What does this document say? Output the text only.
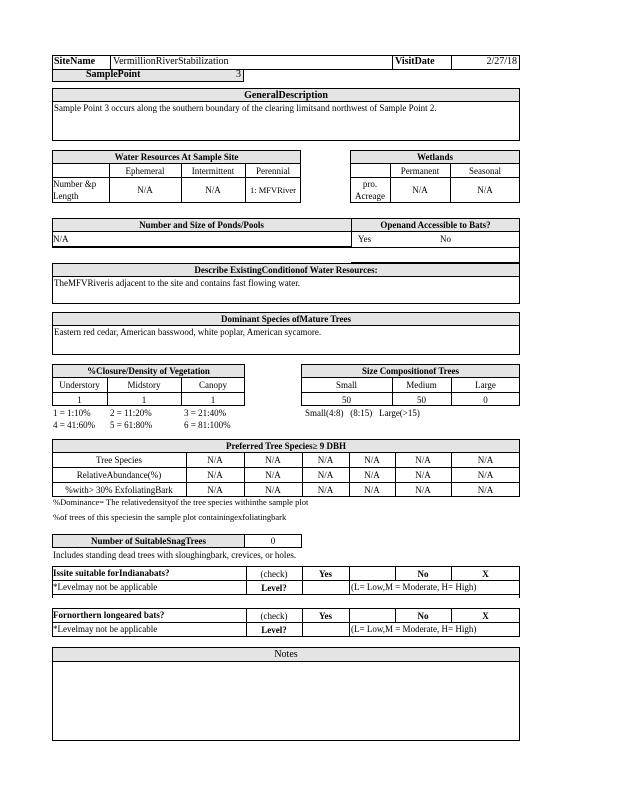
SiteName VermillionRiverStabilization	VisitDate	2/27/18
SamplePoint	3
GeneralDescription
Sample Point 3 occurs along the southern boundary of the clearing limitsand northwest of Sample Point 2.
Water Resources At Sample Site
Ephemeral	Intermittent	Perennial
Number &p
Length
N/A	N/A	1: MFVRiver
Wetlands
Permanent	Seasonal
pro.
Acreage
N/A	N/A
Number and Size of Ponds/Pools	Openand Accessible to Bats?
N/A	Yes	No
Describe ExistingConditionof Water Resources:
TheMFVRiveris adjacent to the site and contains fast flowing water.
Dominant Species ofMature Trees
Eastern red cedar, American basswood, white poplar, American sycamore.
%Closure/Density of Vegetation
Understory	Midstory	Canopy
1	1	1
1 = 1:10% 2 = 11:20%	3 = 21:40%
4 = 41:60% 5 = 61:80%	6 = 81:100%
Size Compositionof Trees
Small	Medium	Large
50	50	0
Small(4:8)   (8:15)   Large(>15)
Preferred Tree Species≥ 9 DBH
Tree Species	N/A	N/A	N/A	N/A	N/A	N/A
RelativeAbundance(%)	N/A	N/A	N/A	N/A	N/A	N/A
%with> 30% ExfoliatingBark	N/A	N/A	N/A	N/A	N/A	N/A
%Dominance= The relativedensityof the tree species withinthe sample plot
%of trees of this speciesin the sample plot containingexfoliatingbark
Number of SuitableSnagTrees	0
Includes standing dead trees with sloughingbark, crevices, or holes.
Issite suitable forIndianabats?	(check)	Yes	No	X
*Levelmay not be applicable	Level?	(L= Low,M = Moderate, H= High)
Fornorthern longeared bats?	(check)	Yes	No	X
*Levelmay not be applicable	Level?	(L= Low,M = Moderate, H= High)
Notes
